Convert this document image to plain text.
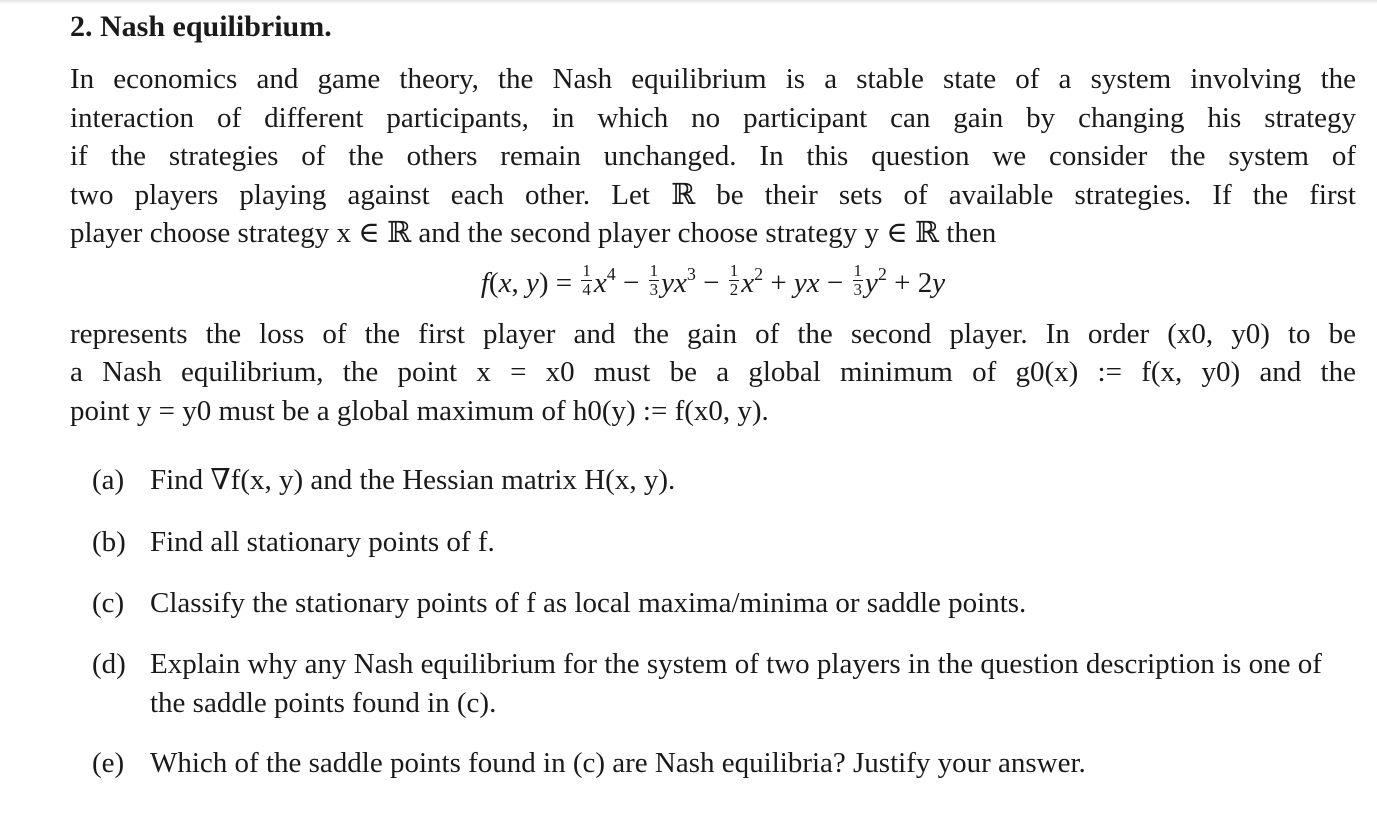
2. Nash equilibrium.
In economics and game theory, the Nash equilibrium is a stable state of a system involving the
interaction of different participants, in which no participant can gain by changing his strategy
if the strategies of the others remain unchanged. In this question we consider the system of
two players playing against each other. Let ℝ be their sets of available strategies. If the first
player choose strategy x ∈ ℝ and the second player choose strategy y ∈ ℝ then
f(x, $y) = \frac{1}{4} x^4 - \frac{1}{3} yx^3 - \frac{1}{2} x^2$ + yx − $\frac{1}{3} y^2 + 2y$
represents the loss of the first player and the gain of the second player. In order (x0, y0) to be
a Nash equilibrium, the point x = x0 must be a global minimum of g0(x) := f(x, y0) and the
point y = y0 must be a global maximum of h0(y) := f(x0, y).
(a) Find ∇f(x, y) and the Hessian matrix H(x, y).
(b) Find all stationary points of f.
(c) Classify the stationary points of f as local maxima/minima or saddle points.
(d) Explain why any Nash equilibrium for the system of two players in the question description is one of the saddle points found in (c).
(e) Which of the saddle points found in (c) are Nash equilibria? Justify your answer.
